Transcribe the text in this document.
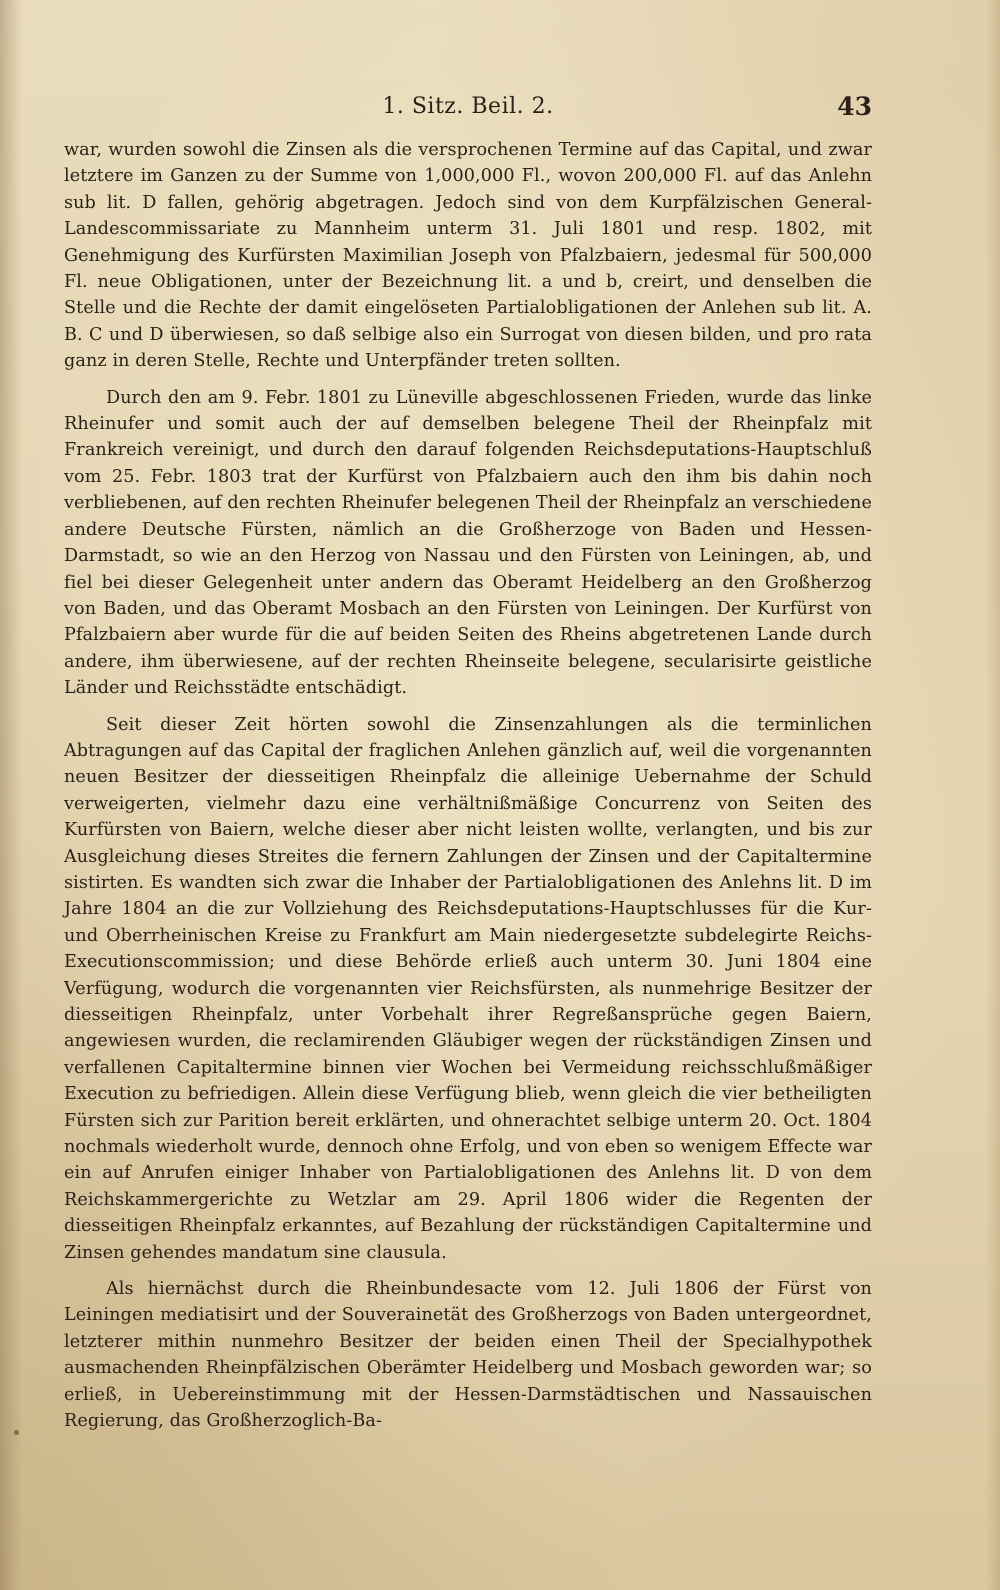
1. Sitz. Beil. 2.	43

war, wurden sowohl die Zinsen als die versprochenen Termine auf das Capital, und zwar letztere im Ganzen zu der Summe von 1,000,000 Fl., wovon 200,000 Fl. auf das Anlehn sub lit. D fallen, gehörig abgetragen. Jedoch sind von dem Kurpfälzischen General-Landescommissariate zu Mannheim unterm 31. Juli 1801 und resp. 1802, mit Genehmigung des Kurfürsten Maximilian Joseph von Pfalzbaiern, jedesmal für 500,000 Fl. neue Obligationen, unter der Bezeichnung lit. a und b, creirt, und denselben die Stelle und die Rechte der damit eingelöseten Partialobligationen der Anlehen sub lit. A. B. C und D überwiesen, so daß selbige also ein Surrogat von diesen bilden, und pro rata ganz in deren Stelle, Rechte und Unterpfänder treten sollten.

Durch den am 9. Febr. 1801 zu Lüneville abgeschlossenen Frieden, wurde das linke Rheinufer und somit auch der auf demselben belegene Theil der Rheinpfalz mit Frankreich vereinigt, und durch den darauf folgenden Reichsdeputations-Hauptschluß vom 25. Febr. 1803 trat der Kurfürst von Pfalzbaiern auch den ihm bis dahin noch verbliebenen, auf den rechten Rheinufer belegenen Theil der Rheinpfalz an verschiedene andere Deutsche Fürsten, nämlich an die Großherzoge von Baden und Hessen-Darmstadt, so wie an den Herzog von Nassau und den Fürsten von Leiningen, ab, und fiel bei dieser Gelegenheit unter andern das Oberamt Heidelberg an den Großherzog von Baden, und das Oberamt Mosbach an den Fürsten von Leiningen. Der Kurfürst von Pfalzbaiern aber wurde für die auf beiden Seiten des Rheins abgetretenen Lande durch andere, ihm überwiesene, auf der rechten Rheinseite belegene, secularisirte geistliche Länder und Reichsstädte entschädigt.

Seit dieser Zeit hörten sowohl die Zinsenzahlungen als die terminlichen Abtragungen auf das Capital der fraglichen Anlehen gänzlich auf, weil die vorgenannten neuen Besitzer der diesseitigen Rheinpfalz die alleinige Uebernahme der Schuld verweigerten, vielmehr dazu eine verhältnißmäßige Concurrenz von Seiten des Kurfürsten von Baiern, welche dieser aber nicht leisten wollte, verlangten, und bis zur Ausgleichung dieses Streites die fernern Zahlungen der Zinsen und der Capitaltermine sistirten. Es wandten sich zwar die Inhaber der Partialobligationen des Anlehns lit. D im Jahre 1804 an die zur Vollziehung des Reichsdeputations-Hauptschlusses für die Kur- und Oberrheinischen Kreise zu Frankfurt am Main niedergesetzte subdelegirte Reichs-Executionscommission; und diese Behörde erließ auch unterm 30. Juni 1804 eine Verfügung, wodurch die vorgenannten vier Reichsfürsten, als nunmehrige Besitzer der diesseitigen Rheinpfalz, unter Vorbehalt ihrer Regreßansprüche gegen Baiern, angewiesen wurden, die reclamirenden Gläubiger wegen der rückständigen Zinsen und verfallenen Capitaltermine binnen vier Wochen bei Vermeidung reichsschlußmäßiger Execution zu befriedigen. Allein diese Verfügung blieb, wenn gleich die vier betheiligten Fürsten sich zur Parition bereit erklärten, und ohnerachtet selbige unterm 20. Oct. 1804 nochmals wiederholt wurde, dennoch ohne Erfolg, und von eben so wenigem Effecte war ein auf Anrufen einiger Inhaber von Partialobligationen des Anlehns lit. D von dem Reichskammergerichte zu Wetzlar am 29. April 1806 wider die Regenten der diesseitigen Rheinpfalz erkanntes, auf Bezahlung der rückständigen Capitaltermine und Zinsen gehendes mandatum sine clausula.

Als hiernächst durch die Rheinbundesacte vom 12. Juli 1806 der Fürst von Leiningen mediatisirt und der Souverainetät des Großherzogs von Baden untergeordnet, letzterer mithin nunmehro Besitzer der beiden einen Theil der Specialhypothek ausmachenden Rheinpfälzischen Oberämter Heidelberg und Mosbach geworden war; so erließ, in Uebereinstimmung mit der Hessen-Darmstädtischen und Nassauischen Regierung, das Großherzoglich-Ba-
